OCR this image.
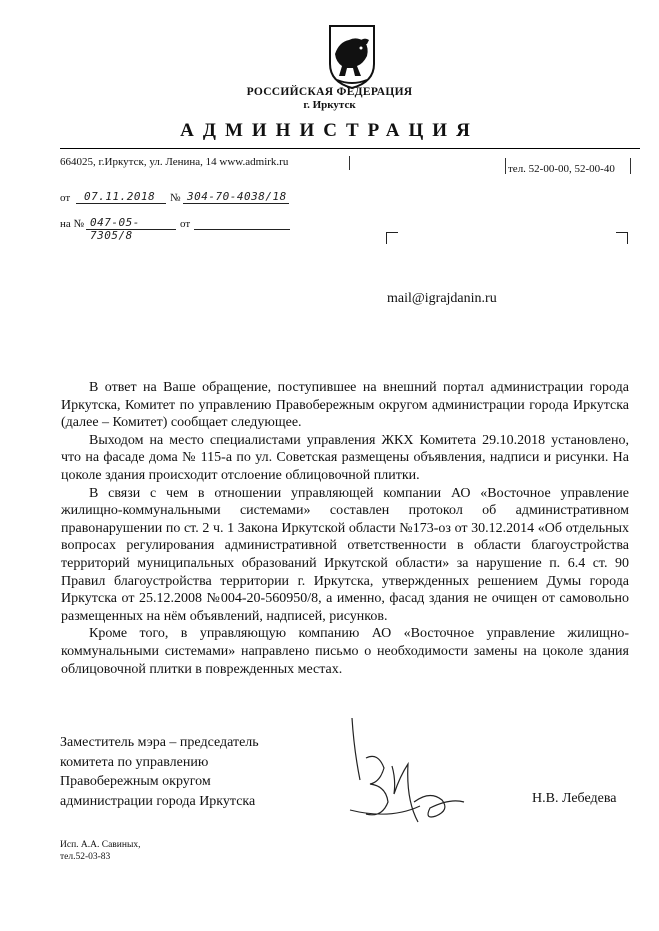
РОССИЙСКАЯ ФЕДЕРАЦИЯ
г. Иркутск
АДМИНИСТРАЦИЯ
664025, г.Иркутск, ул. Ленина, 14 www.admirk.ru
тел. 52-00-00, 52-00-40
от 07.11.2018 № 304-70-4038/18
на № 047-05-7305/8
от
mail@igrajdanin.ru

В ответ на Ваше обращение, поступившее на внешний портал администрации города Иркутска, Комитет по управлению Правобережным округом администрации города Иркутска (далее – Комитет) сообщает следующее.

Выходом на место специалистами управления ЖКХ Комитета 29.10.2018 установлено, что на фасаде дома № 115-а по ул. Советская размещены объявления, надписи и рисунки. На цоколе здания происходит отслоение облицовочной плитки.

В связи с чем в отношении управляющей компании АО «Восточное управление жилищно-коммунальными системами» составлен протокол об административном правонарушении по ст. 2 ч. 1 Закона Иркутской области №173-оз от 30.12.2014 «Об отдельных вопросах регулирования административной ответственности в области благоустройства территорий муниципальных образований Иркутской области» за нарушение п. 6.4 ст. 90 Правил благоустройства территории г. Иркутска, утвержденных решением Думы города Иркутска от 25.12.2008 №004-20-560950/8, а именно, фасад здания не очищен от самовольно размещенных на нём объявлений, надписей, рисунков.

Кроме того, в управляющую компанию АО «Восточное управление жилищно-коммунальными системами» направлено письмо о необходимости замены на цоколе здания облицовочной плитки в поврежденных местах.

Заместитель мэра – председатель
комитета по управлению
Правобережным округом
администрации города Иркутска	Н.В. Лебедева
Исп. А.А. Савиных,
тел.52-03-83
